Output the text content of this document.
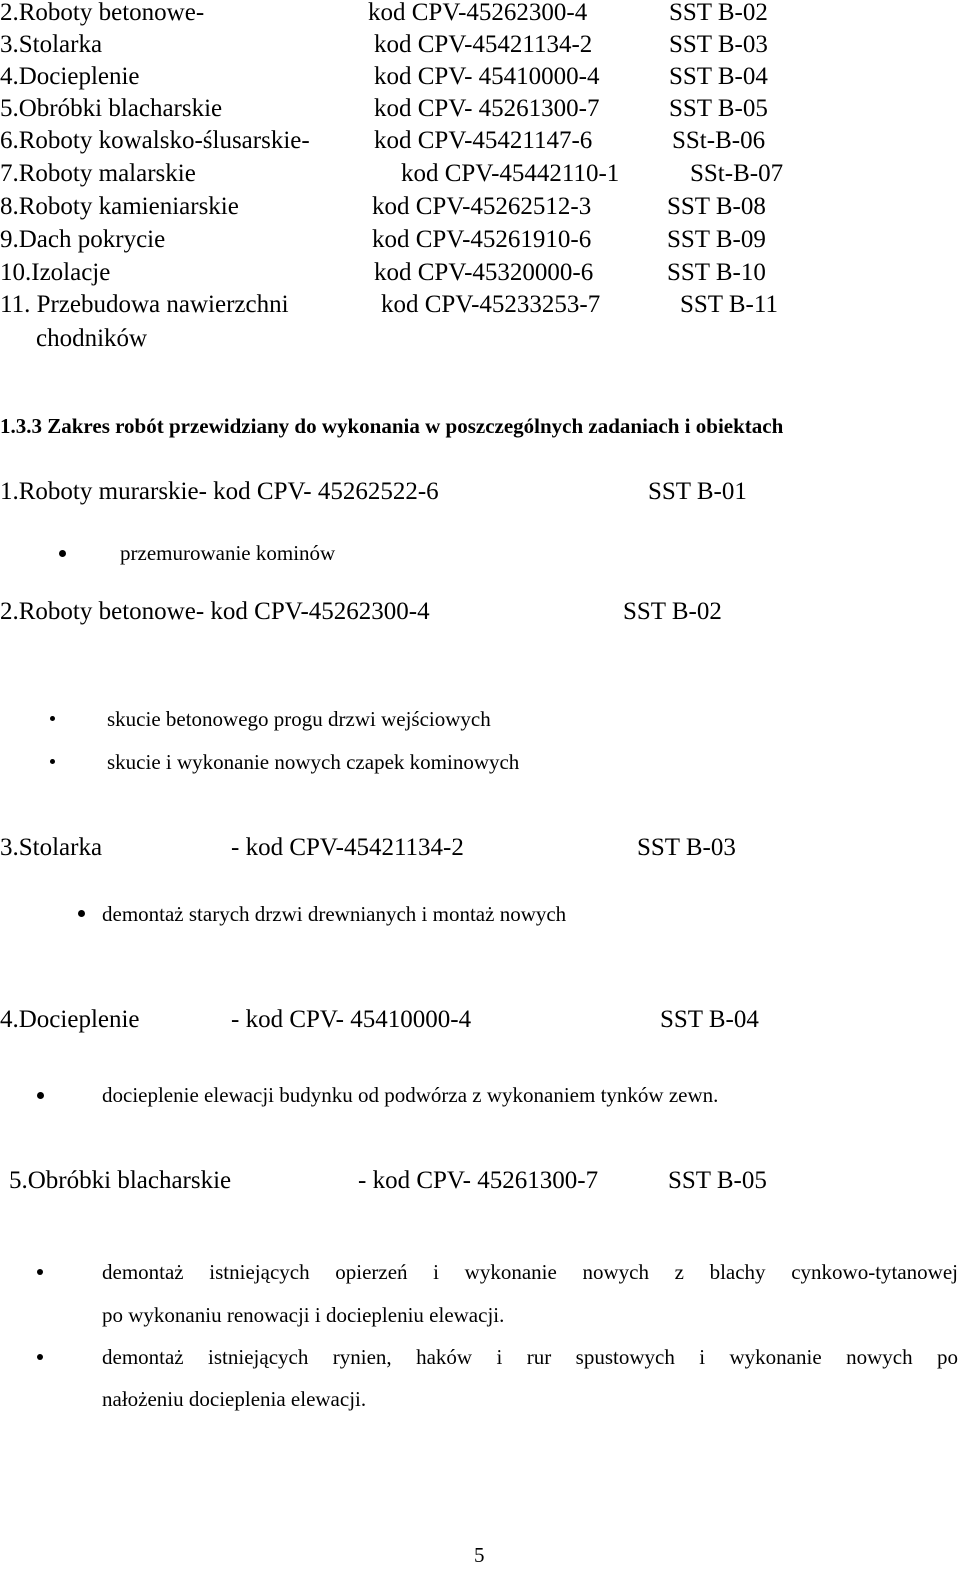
2.Roboty betonowe-	kod CPV-45262300-4	SST B-02
3.Stolarka	kod CPV-45421134-2	SST B-03
4.Docieplenie	kod CPV- 45410000-4	SST B-04
5.Obróbki blacharskie	kod CPV- 45261300-7	SST B-05
6.Roboty kowalsko-ślusarskie-	kod CPV-45421147-6	SSt-B-06
7.Roboty malarskie	kod CPV-45442110-1	SSt-B-07
8.Roboty kamieniarskie	kod CPV-45262512-3	SST B-08
9.Dach pokrycie	kod CPV-45261910-6	SST B-09
10.Izolacje	kod CPV-45320000-6	SST B-10
11. Przebudowa nawierzchni	kod CPV-45233253-7	SST B-11
chodników
1.3.3 Zakres robót przewidziany do wykonania w poszczególnych zadaniach i obiektach
1.Roboty murarskie- kod CPV- 45262522-6	SST B-01
przemurowanie kominów
2.Roboty betonowe- kod CPV-45262300-4	SST B-02
skucie betonowego progu drzwi wejściowych
skucie i wykonanie nowych czapek kominowych
3.Stolarka	- kod CPV-45421134-2	SST B-03
demontaż starych drzwi drewnianych i montaż nowych
4.Docieplenie	- kod CPV- 45410000-4	SST B-04
docieplenie elewacji budynku od podwórza z wykonaniem tynków zewn.
5.Obróbki blacharskie	- kod CPV- 45261300-7	SST B-05
demontaż istniejących opierzeń i wykonanie nowych z blachy cynkowo-tytanowej
po wykonaniu renowacji i dociepleniu elewacji.
demontaż istniejących rynien, haków i rur spustowych i wykonanie nowych po
nałożeniu docieplenia elewacji.
5
